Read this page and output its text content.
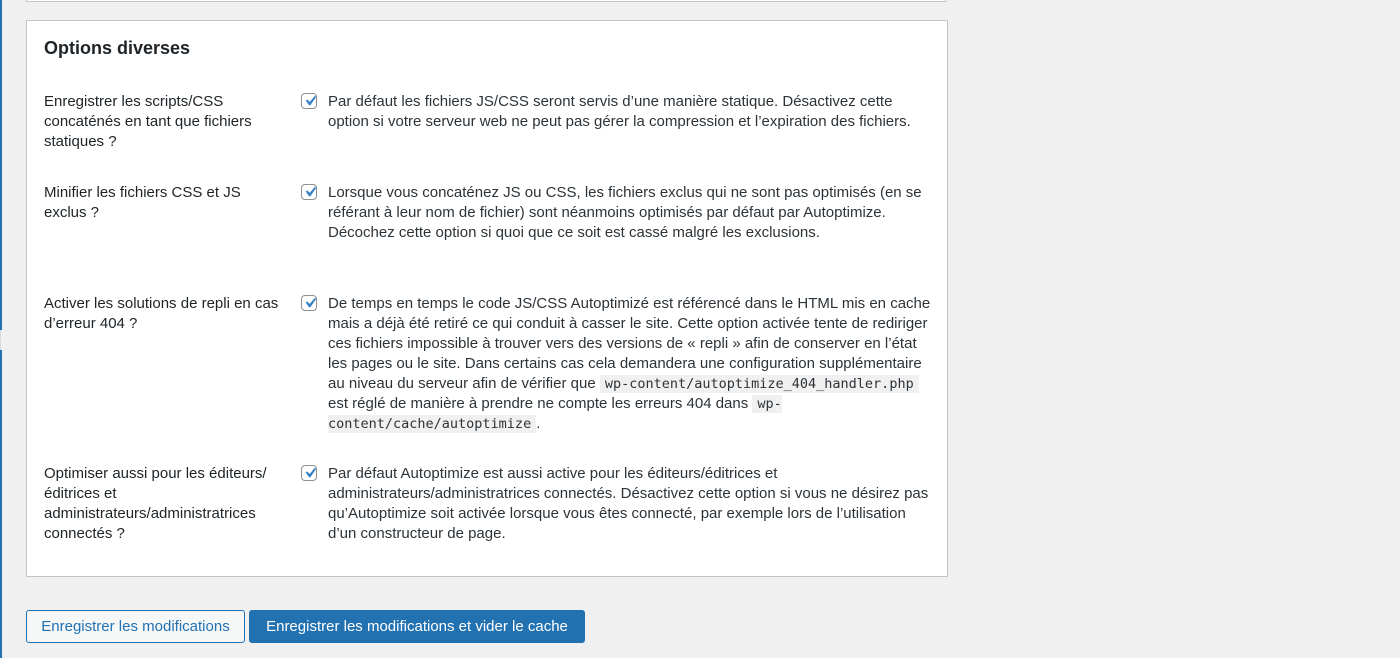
Options diverses
Enregistrer les scripts/CSS concaténés en tant que fichiers statiques ?

Par défaut les fichiers JS/CSS seront servis d’une manière statique. Désactivez cette option si votre serveur web ne peut pas gérer la compression et l’expiration des fichiers.

Minifier les fichiers CSS et JS exclus ?

Lorsque vous concaténez JS ou CSS, les fichiers exclus qui ne sont pas optimisés (en se référant à leur nom de fichier) sont néanmoins optimisés par défaut par Autoptimize. Décochez cette option si quoi que ce soit est cassé malgré les exclusions.

Activer les solutions de repli en cas d’erreur 404 ?

De temps en temps le code JS/CSS Autoptimizé est référencé dans le HTML mis en cache mais a déjà été retiré ce qui conduit à casser le site. Cette option activée tente de rediriger ces fichiers impossible à trouver vers des versions de « repli » afin de conserver en l’état les pages ou le site. Dans certains cas cela demandera une configuration supplémentaire au niveau du serveur afin de vérifier que wp-content/autoptimize_404_handler.php est réglé de manière à prendre ne compte les erreurs 404 dans wp-content/cache/autoptimize .

Optimiser aussi pour les éditeurs/éditrices et administrateurs/administratrices connectés ?

Par défaut Autoptimize est aussi active pour les éditeurs/éditrices et administrateurs/administratrices connectés. Désactivez cette option si vous ne désirez pas qu’Autoptimize soit activée lorsque vous êtes connecté, par exemple lors de l’utilisation d’un constructeur de page.

Enregistrer les modifications	Enregistrer les modifications et vider le cache
